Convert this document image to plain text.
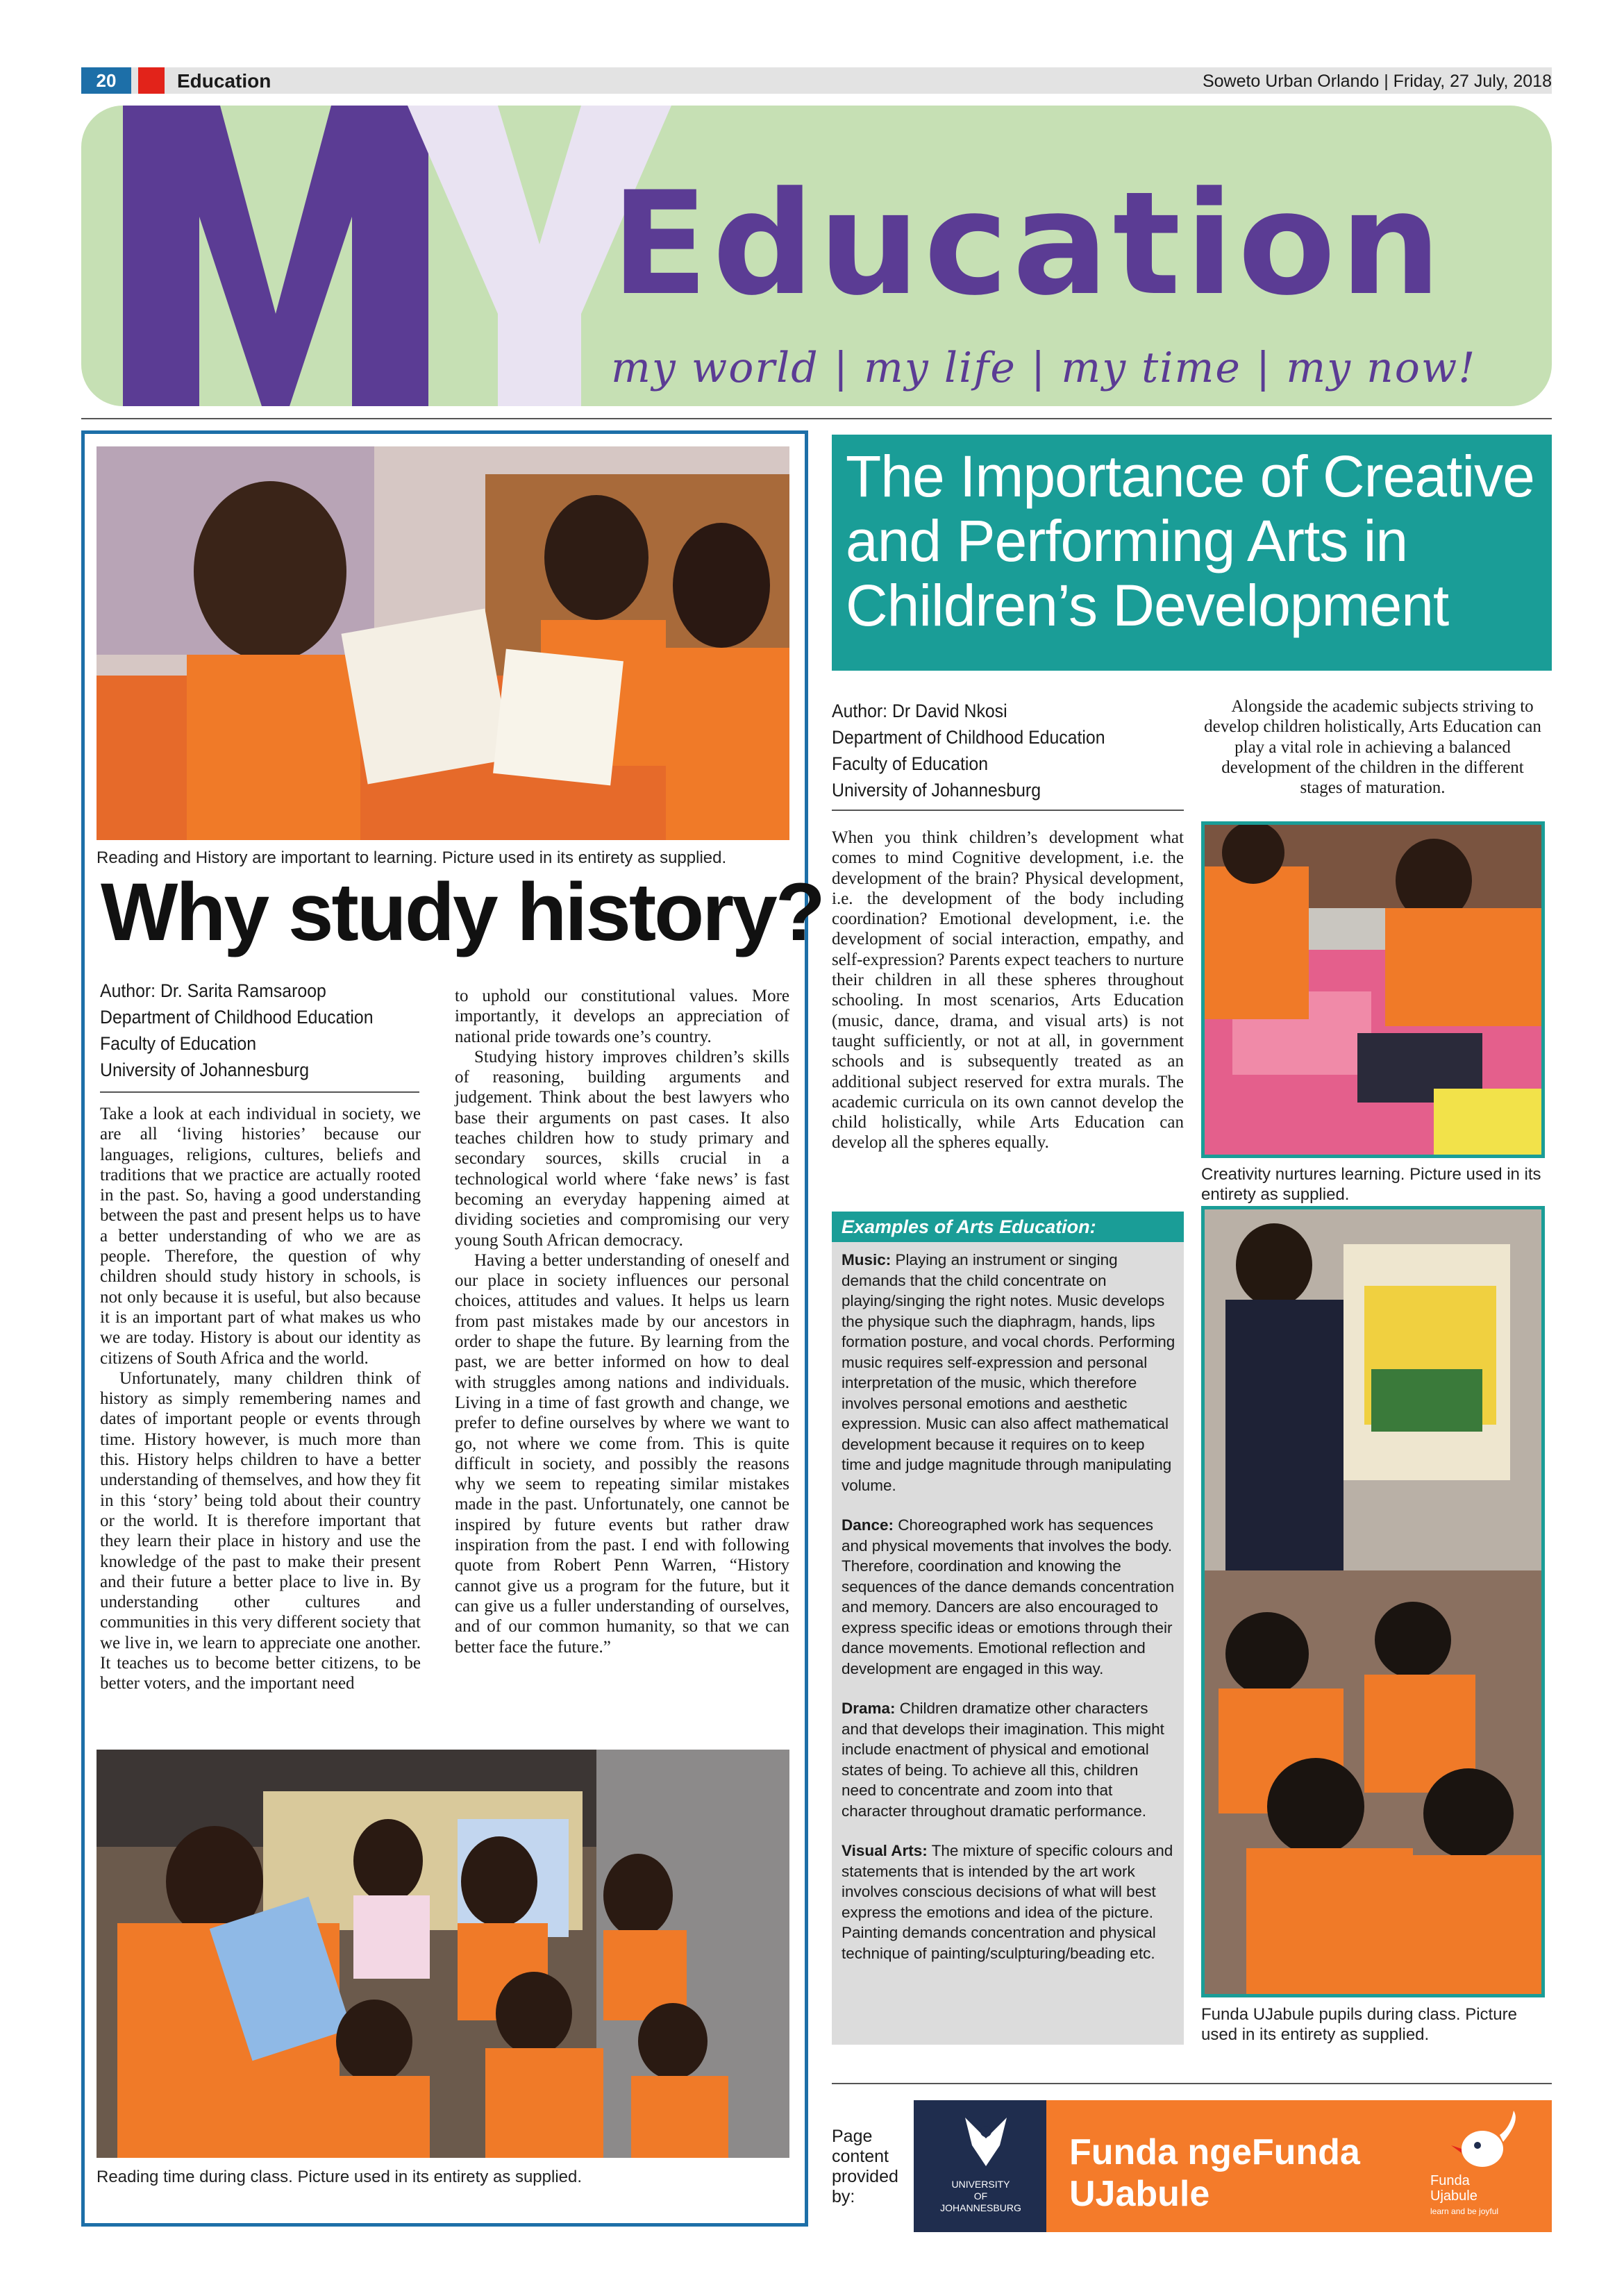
20	Education	Soweto Urban Orlando | Friday, 27 July, 2018
Education
my world | my life | my time | my now!
Reading and History are important to learning. Picture used in its entirety as supplied.
Why study history?
Author: Dr. Sarita Ramsaroop
Department of Childhood Education
Faculty of Education
University of Johannesburg

Take a look at each individual in society, we are all ‘living histories’ because our languages, religions, cultures, beliefs and traditions that we practice are actually rooted in the past. So, having a good understanding between the past and present helps us to have a better understanding of who we are as people. Therefore, the question of why children should study history in schools, is not only because it is useful, but also because it is an important part of what makes us who we are today. History is about our identity as citizens of South Africa and the world.

Unfortunately, many children think of history as simply remembering names and dates of important people or events through time. History however, is much more than this. History helps children to have a better understanding of themselves, and how they fit in this ‘story’ being told about their country or the world. It is therefore important that they learn their place in history and use the knowledge of the past to make their present and their future a better place to live in. By understanding other cultures and communities in this very different society that we live in, we learn to appreciate one another. It teaches us to become better citizens, to be better voters, and the important need

to uphold our constitutional values. More importantly, it develops an appreciation of national pride towards one’s country.

Studying history improves children’s skills of reasoning, building arguments and judgement. Think about the best lawyers who base their arguments on past cases. It also teaches children how to study primary and secondary sources, skills crucial in a technological world where ‘fake news’ is fast becoming an everyday happening aimed at dividing societies and compromising our very young South African democracy.

Having a better understanding of oneself and our place in society influences our personal choices, attitudes and values. It helps us learn from past mistakes made by our ancestors in order to shape the future. By learning from the past, we are better informed on how to deal with struggles among nations and individuals. Living in a time of fast growth and change, we prefer to define ourselves by where we want to go, not where we come from. This is quite difficult in society, and possibly the reasons why we seem to repeating similar mistakes made in the past. Unfortunately, one cannot be inspired by future events but rather draw inspiration from the past. I end with following quote from Robert Penn Warren, “History cannot give us a program for the future, but it can give us a fuller understanding of ourselves, and of our common humanity, so that we can better face the future.”

Reading time during class. Picture used in its entirety as supplied.
The Importance of Creative and Performing Arts in Children’s Development
Author: Dr David Nkosi
Department of Childhood Education
Faculty of Education
University of Johannesburg

Alongside the academic subjects striving to develop children holistically, Arts Education can play a vital role in achieving a balanced development of the children in the different stages of maturation.

When you think children’s development what comes to mind Cognitive development, i.e. the development of the brain? Physical development, i.e. the development of the body including coordination? Emotional development, i.e. the development of social interaction, empathy, and self-expression? Parents expect teachers to nurture their children in all these spheres throughout schooling. In most scenarios, Arts Education (music, dance, drama, and visual arts) is not taught sufficiently, or not at all, in government schools and is subsequently treated as an additional subject reserved for extra murals. The academic curricula on its own cannot develop the child holistically, while Arts Education can develop all the spheres equally.

Examples of Arts Education:

Music: Playing an instrument or singing demands that the child concentrate on playing/singing the right notes. Music develops the physique such the diaphragm, hands, lips formation posture, and vocal chords. Performing music requires self-expression and personal interpretation of the music, which therefore involves personal emotions and aesthetic expression. Music can also affect mathematical development because it requires on to keep time and judge magnitude through manipulating volume.

Dance: Choreographed work has sequences and physical movements that involves the body. Therefore, coordination and knowing the sequences of the dance demands concentration and memory. Dancers are also encouraged to express specific ideas or emotions through their dance movements. Emotional reflection and development are engaged in this way.

Drama: Children dramatize other characters and that develops their imagination. This might include enactment of physical and emotional states of being. To achieve all this, children need to concentrate and zoom into that character throughout dramatic performance.

Visual Arts: The mixture of specific colours and statements that is intended by the art work involves conscious decisions of what will best express the emotions and idea of the picture. Painting demands concentration and physical technique of painting/sculpturing/beading etc.

Creativity nurtures learning. Picture used in its entirety as supplied.
Funda UJabule pupils during class. Picture used in its entirety as supplied.
Page content provided by:
UNIVERSITY
OF
JOHANNESBURG
Funda ngeFunda
UJabule	Funda
Ujabule
learn and be joyful
